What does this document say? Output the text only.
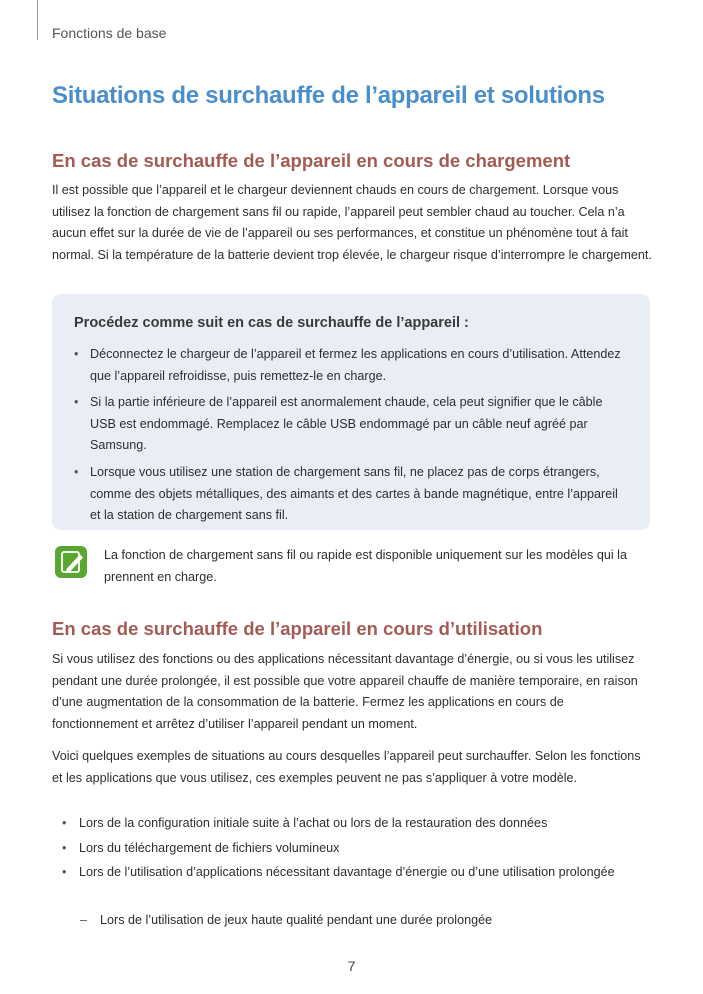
Fonctions de base
Situations de surchauffe de l’appareil et solutions
En cas de surchauffe de l’appareil en cours de chargement

Il est possible que l’appareil et le chargeur deviennent chauds en cours de chargement. Lorsque vous utilisez la fonction de chargement sans fil ou rapide, l’appareil peut sembler chaud au toucher. Cela n’a aucun effet sur la durée de vie de l’appareil ou ses performances, et constitue un phénomène tout à fait normal. Si la température de la batterie devient trop élevée, le chargeur risque d’interrompre le chargement.

Procédez comme suit en cas de surchauffe de l’appareil :
• Déconnectez le chargeur de l’appareil et fermez les applications en cours d’utilisation. Attendez que l’appareil refroidisse, puis remettez-le en charge.
• Si la partie inférieure de l’appareil est anormalement chaude, cela peut signifier que le câble USB est endommagé. Remplacez le câble USB endommagé par un câble neuf agréé par Samsung.
• Lorsque vous utilisez une station de chargement sans fil, ne placez pas de corps étrangers, comme des objets métalliques, des aimants et des cartes à bande magnétique, entre l’appareil et la station de chargement sans fil.

La fonction de chargement sans fil ou rapide est disponible uniquement sur les modèles qui la prennent en charge.

En cas de surchauffe de l’appareil en cours d’utilisation

Si vous utilisez des fonctions ou des applications nécessitant davantage d’énergie, ou si vous les utilisez pendant une durée prolongée, il est possible que votre appareil chauffe de manière temporaire, en raison d’une augmentation de la consommation de la batterie. Fermez les applications en cours de fonctionnement et arrêtez d’utiliser l’appareil pendant un moment.

Voici quelques exemples de situations au cours desquelles l’appareil peut surchauffer. Selon les fonctions et les applications que vous utilisez, ces exemples peuvent ne pas s’appliquer à votre modèle.

• Lors de la configuration initiale suite à l’achat ou lors de la restauration des données
• Lors du téléchargement de fichiers volumineux
• Lors de l’utilisation d’applications nécessitant davantage d’énergie ou d’une utilisation prolongée

– Lors de l’utilisation de jeux haute qualité pendant une durée prolongée

7
